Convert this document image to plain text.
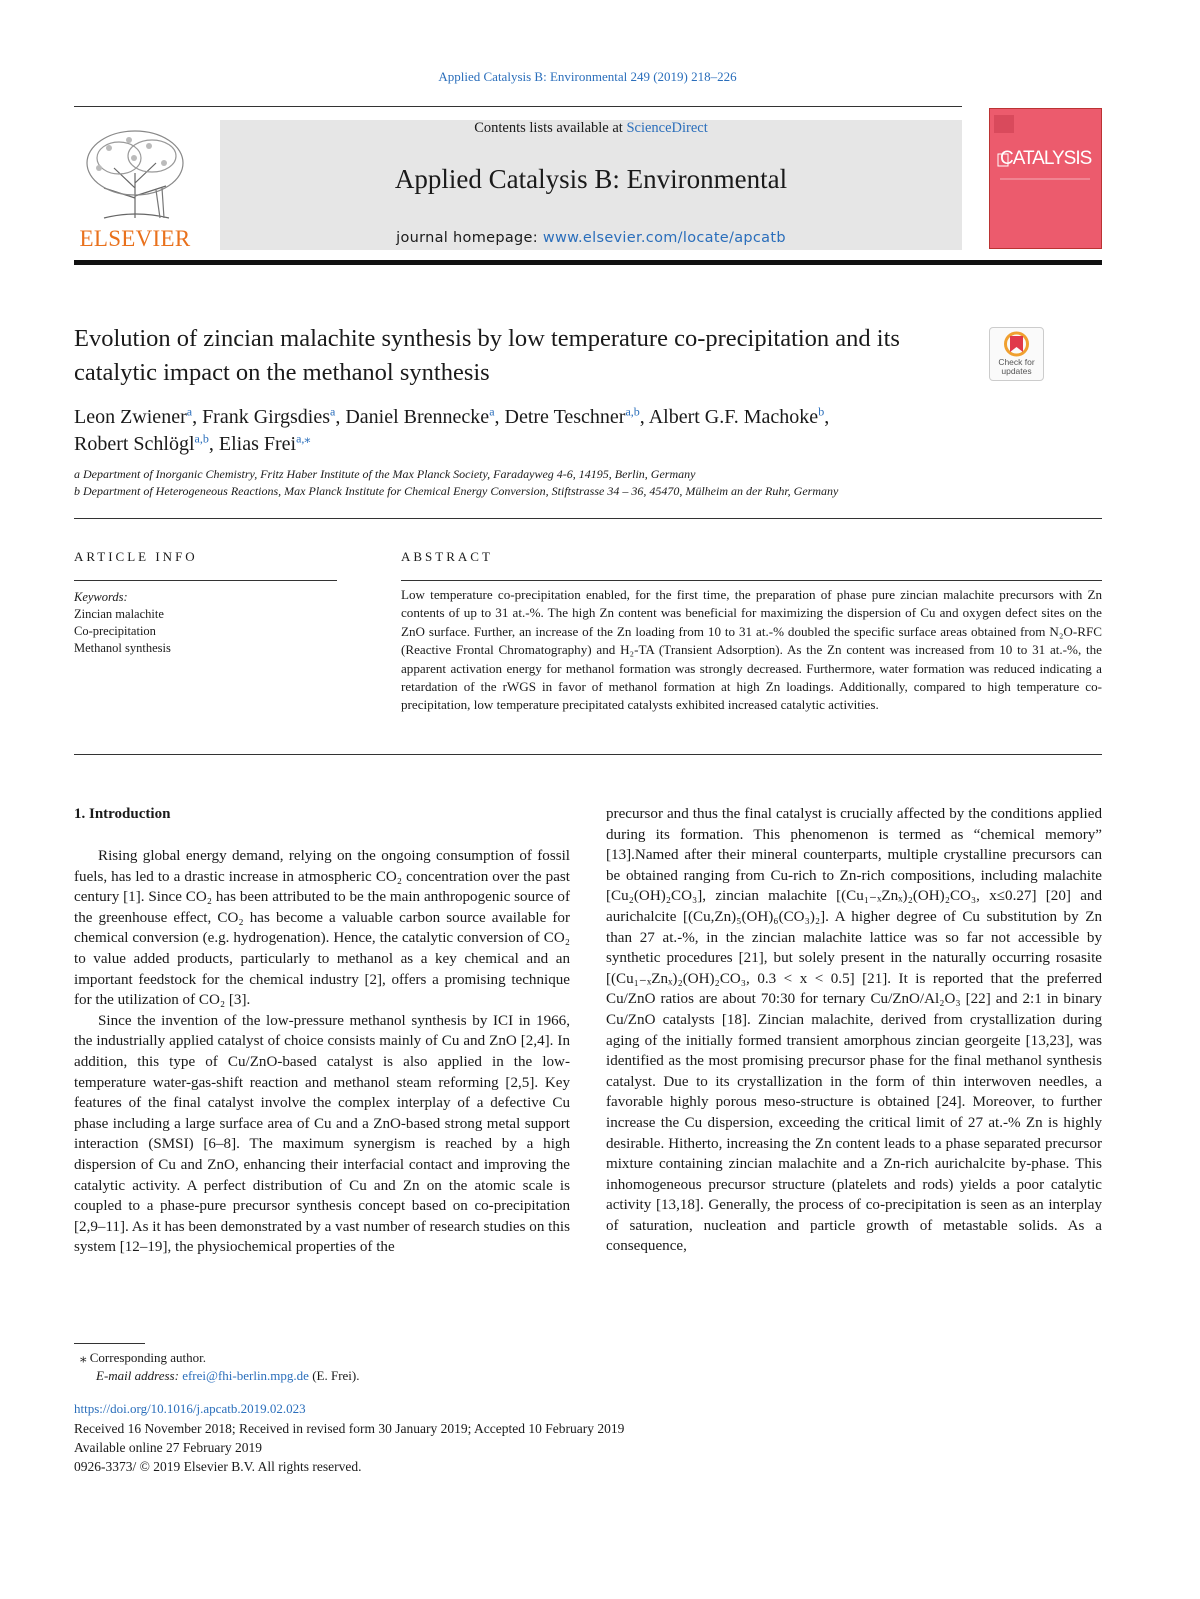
Applied Catalysis B: Environmental 249 (2019) 218–226
ELSEVIER
Contents lists available at ScienceDirect
Applied Catalysis B: Environmental
journal homepage: www.elsevier.com/locate/apcatb
CATALYSIS
Evolution of zincian malachite synthesis by low temperature co-precipitation and its catalytic impact on the methanol synthesis	Check for updates
Leon Zwiener$^a$, Frank Girgsdies$^a$, Daniel Brennecke$^a$, Detre Teschner$^{a,b}$, Albert G.F. Machoke$^b$,
Robert Schlögl$^{a,b}$, Elias Frei$^{a,⁎}$
a Department of Inorganic Chemistry, Fritz Haber Institute of the Max Planck Society, Faradayweg 4-6, 14195, Berlin, Germany
b Department of Heterogeneous Reactions, Max Planck Institute for Chemical Energy Conversion, Stiftstrasse 34 – 36, 45470, Mülheim an der Ruhr, Germany
ARTICLE INFO
Keywords:
Zincian malachite
Co-precipitation
Methanol synthesis
ABSTRACT
Low temperature co-precipitation enabled, for the first time, the preparation of phase pure zincian malachite precursors with Zn contents of up to 31 at.-%. The high Zn content was beneficial for maximizing the dispersion of Cu and oxygen defect sites on the ZnO surface. Further, an increase of the Zn loading from 10 to 31 at.-% doubled the specific surface areas obtained from N₂O-RFC (Reactive Frontal Chromatography) and H₂-TA (Transient Adsorption). As the Zn content was increased from 10 to 31 at.-%, the apparent activation energy for methanol formation was strongly decreased. Furthermore, water formation was reduced indicating a retardation of the rWGS in favor of methanol formation at high Zn loadings. Additionally, compared to high temperature co-precipitation, low temperature precipitated catalysts exhibited increased catalytic activities.
1. Introduction

Rising global energy demand, relying on the ongoing consumption of fossil fuels, has led to a drastic increase in atmospheric CO₂ concentration over the past century [1]. Since CO₂ has been attributed to be the main anthropogenic source of the greenhouse effect, CO₂ has become a valuable carbon source available for chemical conversion (e.g. hydrogenation). Hence, the catalytic conversion of CO₂ to value added products, particularly to methanol as a key chemical and an important feedstock for the chemical industry [2], offers a promising technique for the utilization of CO₂ [3].

Since the invention of the low-pressure methanol synthesis by ICI in 1966, the industrially applied catalyst of choice consists mainly of Cu and ZnO [2,4]. In addition, this type of Cu/ZnO-based catalyst is also applied in the low-temperature water-gas-shift reaction and methanol steam reforming [2,5]. Key features of the final catalyst involve the complex interplay of a defective Cu phase including a large surface area of Cu and a ZnO-based strong metal support interaction (SMSI) [6–8]. The maximum synergism is reached by a high dispersion of Cu and ZnO, enhancing their interfacial contact and improving the catalytic activity. A perfect distribution of Cu and Zn on the atomic scale is coupled to a phase-pure precursor synthesis concept based on co-precipitation [2,9–11]. As it has been demonstrated by a vast number of research studies on this system [12–19], the physiochemical properties of the

precursor and thus the final catalyst is crucially affected by the conditions applied during its formation. This phenomenon is termed as “chemical memory” [13].Named after their mineral counterparts, multiple crystalline precursors can be obtained ranging from Cu-rich to Zn-rich compositions, including malachite [Cu₂(OH)₂CO₃], zincian malachite [(Cu₁₋ₓZnₓ)₂(OH)₂CO₃, x≤0.27] [20] and aurichalcite [(Cu,Zn)₅(OH)₆(CO₃)₂]. A higher degree of Cu substitution by Zn than 27 at.-%, in the zincian malachite lattice was so far not accessible by synthetic procedures [21], but solely present in the naturally occurring rosasite [(Cu₁₋ₓZnₓ)₂(OH)₂CO₃, 0.3 < x < 0.5] [21]. It is reported that the preferred Cu/ZnO ratios are about 70:30 for ternary Cu/ZnO/Al₂O₃ [22] and 2:1 in binary Cu/ZnO catalysts [18]. Zincian malachite, derived from crystallization during aging of the initially formed transient amorphous zincian georgeite [13,23], was identified as the most promising precursor phase for the final methanol synthesis catalyst. Due to its crystallization in the form of thin interwoven needles, a favorable highly porous meso-structure is obtained [24]. Moreover, to further increase the Cu dispersion, exceeding the critical limit of 27 at.-% Zn is highly desirable. Hitherto, increasing the Zn content leads to a phase separated precursor mixture containing zincian malachite and a Zn-rich aurichalcite by-phase. This inhomogeneous precursor structure (platelets and rods) yields a poor catalytic activity [13,18]. Generally, the process of co-precipitation is seen as an interplay of saturation, nucleation and particle growth of metastable solids. As a consequence,

⁎ Corresponding author.
E-mail address: efrei@fhi-berlin.mpg.de (E. Frei).
https://doi.org/10.1016/j.apcatb.2019.02.023
Received 16 November 2018; Received in revised form 30 January 2019; Accepted 10 February 2019
Available online 27 February 2019
0926-3373/ © 2019 Elsevier B.V. All rights reserved.
